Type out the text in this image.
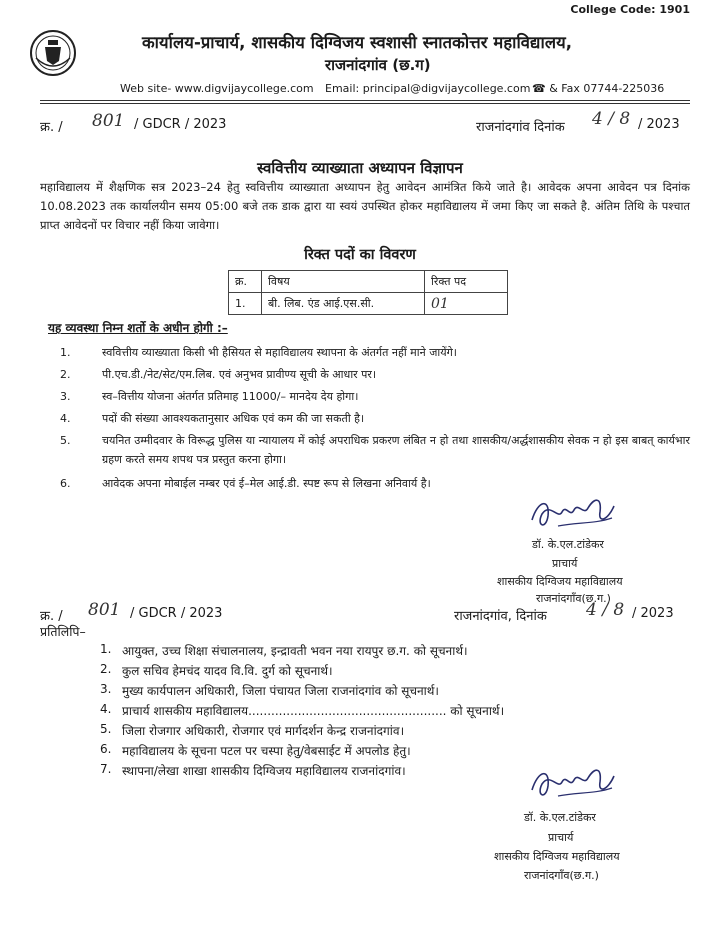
College Code: 1901
कार्यालय-प्राचार्य, शासकीय दिग्विजय स्वशासी स्नातकोत्तर महाविद्यालय,
राजनांदगांव (छ.ग)
Web site- www.digvijaycollege.com Email: principal@digvijaycollege.com ☎ & Fax 07744-225036
क्र. / 801 / GDCR / 2023	राजनांदगांव दिनांक 4 / 8 / 2023
स्ववित्तीय व्याख्याता अध्यापन विज्ञापन
महाविद्यालय में शैक्षणिक सत्र 2023–24 हेतु स्ववित्तीय व्याख्याता अध्यापन हेतु आवेदन आमंत्रित किये जाते है। आवेदक अपना आवेदन पत्र दिनांक 10.08.2023 तक कार्यालयीन समय 05:00 बजे तक डाक द्वारा या स्वयं उपस्थित होकर महाविद्यालय में जमा किए जा सकते है. अंतिम तिथि के पश्चात प्राप्त आवेदनों पर विचार नहीं किया जावेगा।
रिक्त पदों का विवरण
क्र.	विषय	रिक्त पद
1.	बी. लिब. एंड आई.एस.सी.	01
यह व्यवस्था निम्न शर्तो के अधीन होगी :–
1.	स्ववित्तीय व्याख्याता किसी भी हैसियत से महाविद्यालय स्थापना के अंतर्गत नहीं माने जायेंगे।
2.	पी.एच.डी./नेट/सेट/एम.लिब. एवं अनुभव प्रावीण्य सूची के आधार पर।
3.	स्व–वित्तीय योजना अंतर्गत प्रतिमाह 11000/– मानदेय देय होगा।
4.	पदों की संख्या आवश्यकतानुसार अधिक एवं कम की जा सकती है।
5.	चयनित उम्मीदवार के विरूद्ध पुलिस या न्यायालय में कोई अपराधिक प्रकरण लंबित न हो तथा शासकीय/अर्द्धशासकीय सेवक न हो इस बाबत् कार्यभार ग्रहण करते समय शपथ पत्र प्रस्तुत करना होगा।
6.	आवेदक अपना मोबाईल नम्बर एवं ई–मेल आई.डी. स्पष्ट रूप से लिखना अनिवार्य है।
डॉ. के.एल.टांडेकर
प्राचार्य
शासकीय दिग्विजय महाविद्यालय
राजनांदगाँव(छ.ग.)
क्र. / 801 / GDCR / 2023	राजनांदगांव, दिनांक 4 / 8 / 2023
प्रतिलिपि–
1. आयुक्त, उच्च शिक्षा संचालनालय, इन्द्रावती भवन नया रायपुर छ.ग. को सूचनार्थ।
2. कुल सचिव हेमचंद यादव वि.वि. दुर्ग को सूचनार्थ।
3. मुख्य कार्यपालन अधिकारी, जिला पंचायत जिला राजनांदगांव को सूचनार्थ।
4. प्राचार्य शासकीय महाविद्यालय.................................................... को सूचनार्थ।
5. जिला रोजगार अधिकारी, रोजगार एवं मार्गदर्शन केन्द्र राजनांदगांव।
6. महाविद्यालय के सूचना पटल पर चस्पा हेतु/वेबसाईट में अपलोड हेतु।
7. स्थापना/लेखा शाखा शासकीय दिग्विजय महाविद्यालय राजनांदगांव।
डॉ. के.एल.टांडेकर
प्राचार्य
शासकीय दिग्विजय महाविद्यालय
राजनांदगाँव(छ.ग.)
